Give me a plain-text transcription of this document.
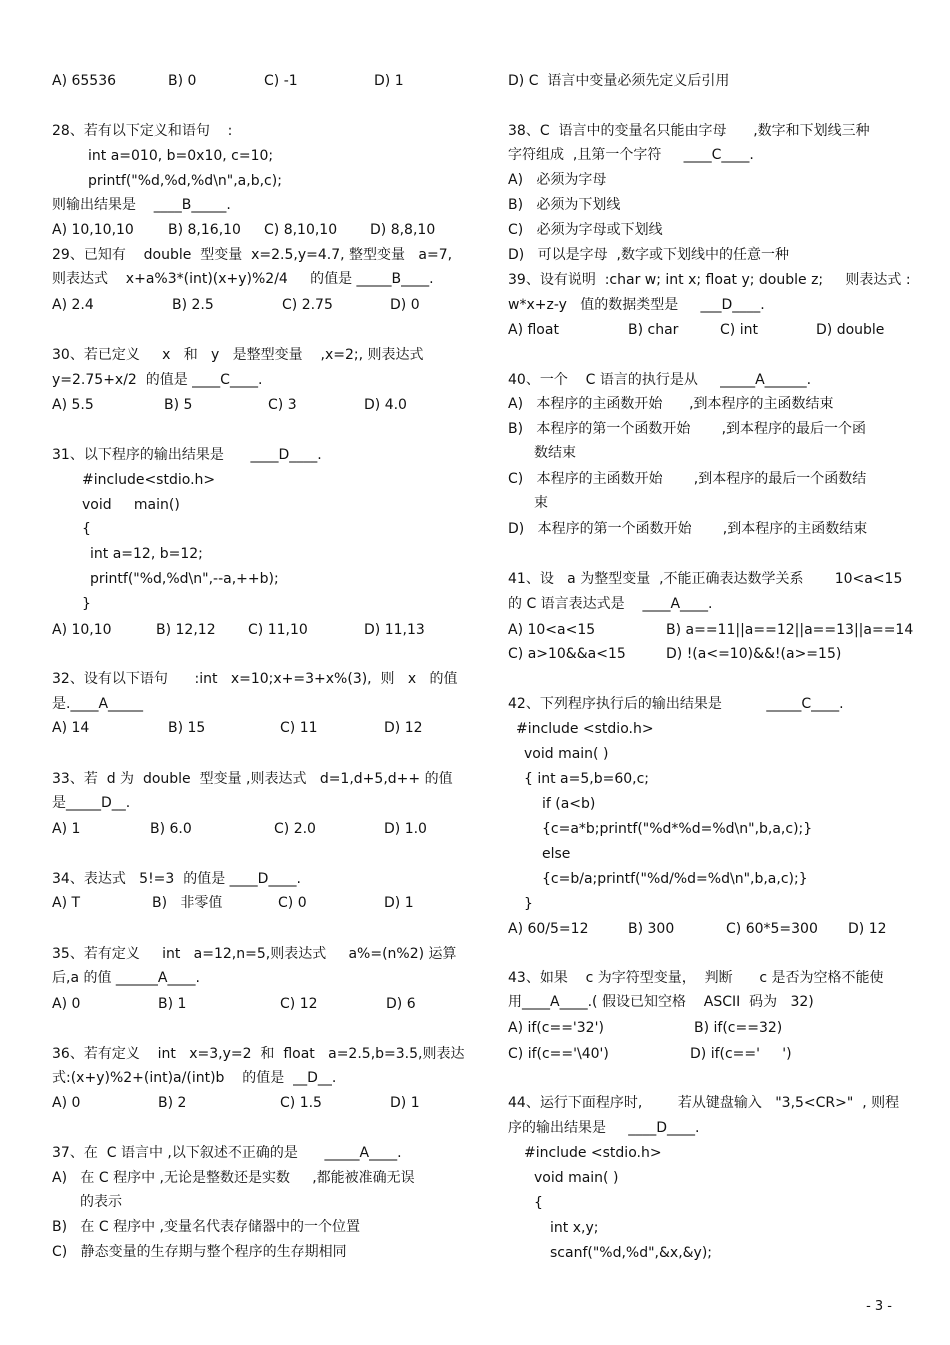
A) 65536	B) 0	C) -1	D) 1
28、若有以下定义和语句    :
int a=010, b=0x10, c=10;
printf("%d,%d,%d\n",a,b,c);
则输出结果是    ____B_____.
A) 10,10,10 B) 8,16,10 C) 8,10,10 D) 8,8,10
29、已知有    double  型变量  x=2.5,y=4.7, 整型变量   a=7,
则表达式    x+a%3*(int)(x+y)%2/4     的值是 _____B____.
A) 2.4	B) 2.5	C) 2.75	D) 0
30、若已定义     x   和   y   是整型变量    ,x=2;, 则表达式
y=2.75+x/2  的值是 ____C____.
A) 5.5	B) 5	C) 3	D) 4.0
31、以下程序的输出结果是      ____D____.
#include<stdio.h>
void     main()
{
int a=12, b=12;
printf("%d,%d\n",--a,++b);
}
A) 10,10	B) 12,12 C) 11,10	D) 11,13
32、设有以下语句      :int   x=10;x+=3+x%(3),  则   x   的值
是.____A_____
A) 14	B) 15	C) 11	D) 12
33、若  d 为  double  型变量 ,则表达式   d=1,d+5,d++ 的值
是_____D__.
A) 1	B) 6.0	C) 2.0	D) 1.0
34、表达式   5!=3  的值是 ____D____.
A) T	B)   非零值	C) 0	D) 1
35、若有定义     int   a=12,n=5,则表达式     a%=(n%2) 运算
后,a 的值 ______A____.
A) 0	B) 1	C) 12	D) 6
36、若有定义    int   x=3,y=2  和  float   a=2.5,b=3.5,则表达
式:(x+y)%2+(int)a/(int)b    的值是  __D__.
A) 0	B) 2	C) 1.5	D) 1
37、在  C 语言中 ,以下叙述不正确的是      _____A____.
A)   在 C 程序中 ,无论是整数还是实数     ,都能被准确无误
的表示
B)   在 C 程序中 ,变量名代表存储器中的一个位置
C)   静态变量的生存期与整个程序的生存期相同
D) C  语言中变量必须先定义后引用
38、C  语言中的变量名只能由字母      ,数字和下划线三种
字符组成  ,且第一个字符     ____C____.
A)   必须为字母
B)   必须为下划线
C)   必须为字母或下划线
D)   可以是字母  ,数字或下划线中的任意一种
39、设有说明  :char w; int x; float y; double z;     则表达式 :
w*x+z-y   值的数据类型是     ___D____.
A) float	B) char	C) int	D) double
40、一个    C 语言的执行是从     _____A______.
A)   本程序的主函数开始      ,到本程序的主函数结束
B)   本程序的第一个函数开始       ,到本程序的最后一个函
数结束
C)   本程序的主函数开始       ,到本程序的最后一个函数结
束
D)   本程序的第一个函数开始       ,到本程序的主函数结束
41、设   a 为整型变量  ,不能正确表达数学关系       10<a<15
的 C 语言表达式是    ____A____.
A) 10<a<15	B) a==11||a==12||a==13||a==14
C) a>10&&a<15	D) !(a<=10)&&!(a>=15)
42、下列程序执行后的输出结果是          _____C____.
#include <stdio.h>
void main( )
{ int a=5,b=60,c;
if (a<b)
{c=a*b;printf("%d*%d=%d\n",b,a,c);}
else
{c=b/a;printf("%d/%d=%d\n",b,a,c);}
}
A) 60/5=12	B) 300	C) 60*5=300 D) 12
43、如果    c 为字符型变量，  判断      c 是否为空格不能使
用____A____.( 假设已知空格    ASCII  码为   32)
A) if(c=='32')	B) if(c==32)
C) if(c=='\40')	D) if(c=='     ')
44、运行下面程序时,        若从键盘输入   "3,5<CR>"  , 则程
序的输出结果是     ____D____.
#include <stdio.h>
void main( )
{
int x,y;
scanf("%d,%d",&x,&y);
- 3 -
